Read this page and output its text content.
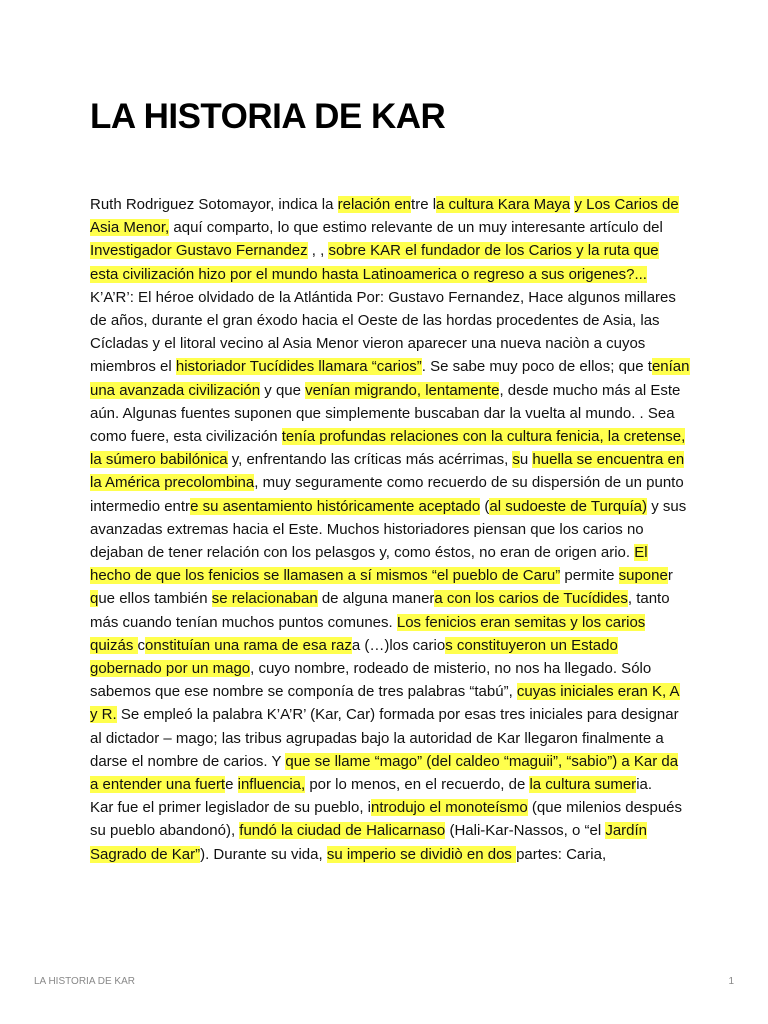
LA HISTORIA DE KAR

Ruth Rodriguez Sotomayor, indica la relación entre la cultura Kara Maya y Los Carios de Asia Menor, aquí comparto, lo que estimo relevante de un muy interesante artículo del Investigador Gustavo Fernandez , , sobre KAR el fundador de los Carios y la ruta que esta civilización hizo por el mundo hasta Latinoamerica o regreso a sus origenes?...

K’A’R’: El héroe olvidado de la Atlántida Por: Gustavo Fernandez, Hace algunos millares de años, durante el gran éxodo hacia el Oeste de las hordas procedentes de Asia, las Cícladas y el litoral vecino al Asia Menor vieron aparecer una nueva naciòn a cuyos miembros el historiador Tucídides llamara “carios”. Se sabe muy poco de ellos; que tenían una avanzada civilización y que venían migrando, lentamente, desde mucho más al Este aún. Algunas fuentes suponen que simplemente buscaban dar la vuelta al mundo. . Sea como fuere, esta civilización tenía profundas relaciones con la cultura fenicia, la cretense, la súmero babilónica y, enfrentando las críticas más acérrimas, su huella se encuentra en la América precolombina, muy seguramente como recuerdo de su dispersión de un punto intermedio entre su asentamiento históricamente aceptado (al sudoeste de Turquía) y sus avanzadas extremas hacia el Este. Muchos historiadores piensan que los carios no dejaban de tener relación con los pelasgos y, como éstos, no eran de origen ario. El hecho de que los fenicios se llamasen a sí mismos “el pueblo de Caru” permite suponer que ellos también se relacionaban de alguna manera con los carios de Tucídides, tanto más cuando tenían muchos puntos comunes. Los fenicios eran semitas y los carios quizás constituían una rama de esa raza (…)los carios constituyeron un Estado gobernado por un mago, cuyo nombre, rodeado de misterio, no nos ha llegado. Sólo sabemos que ese nombre se componía de tres palabras “tabú”, cuyas iniciales eran K, A y R. Se empleó la palabra K’A’R’ (Kar, Car) formada por esas tres iniciales para designar al dictador – mago; las tribus agrupadas bajo la autoridad de Kar llegaron finalmente a darse el nombre de carios. Y que se llame “mago” (del caldeo “maguii”, “sabio”) a Kar da a entender una fuerte influencia, por lo menos, en el recuerdo, de la cultura sumeria.

Kar fue el primer legislador de su pueblo, introdujo el monoteísmo (que milenios después su pueblo abandonó), fundó la ciudad de Halicarnaso (Hali-Kar-Nassos, o “el Jardín Sagrado de Kar”). Durante su vida, su imperio se dividiò en dos partes: Caria,

LA HISTORIA DE KAR	1
